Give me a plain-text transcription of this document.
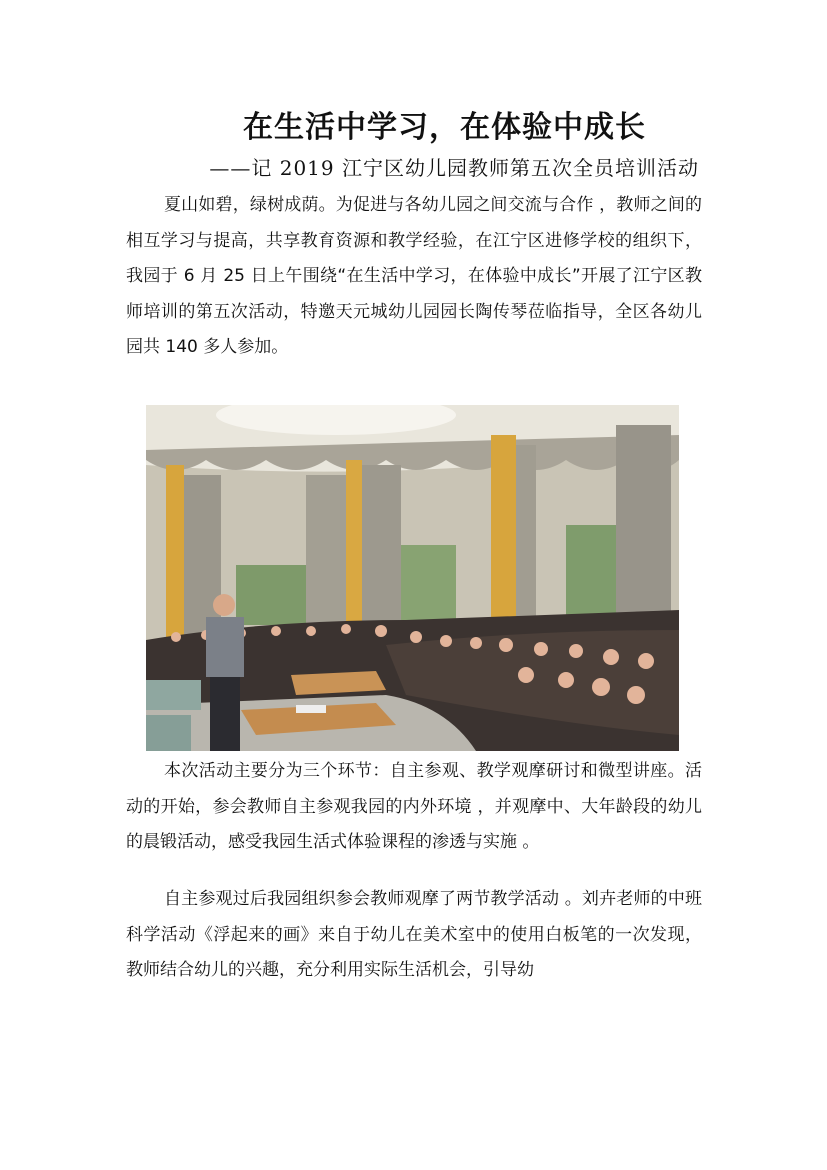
在生活中学习，在体验中成长
——记 2019 江宁区幼儿园教师第五次全员培训活动

夏山如碧，绿树成荫。为促进与各幼儿园之间交流与合作 ，教师之间的相互学习与提高，共享教育资源和教学经验，在江宁区进修学校的组织下，我园于 6 月 25 日上午围绕“在生活中学习，在体验中成长”开展了江宁区教师培训的第五次活动，特邀天元城幼儿园园长陶传琴莅临指导，全区各幼儿园共 140 多人参加。

本次活动主要分为三个环节：自主参观、教学观摩研讨和微型讲座。活动的开始，参会教师自主参观我园的内外环境 ，并观摩中、大年龄段的幼儿的晨锻活动，感受我园生活式体验课程的渗透与实施 。

自主参观过后我园组织参会教师观摩了两节教学活动 。刘卉老师的中班科学活动《浮起来的画》来自于幼儿在美术室中的使用白板笔的一次发现，教师结合幼儿的兴趣，充分利用实际生活机会，引导幼
